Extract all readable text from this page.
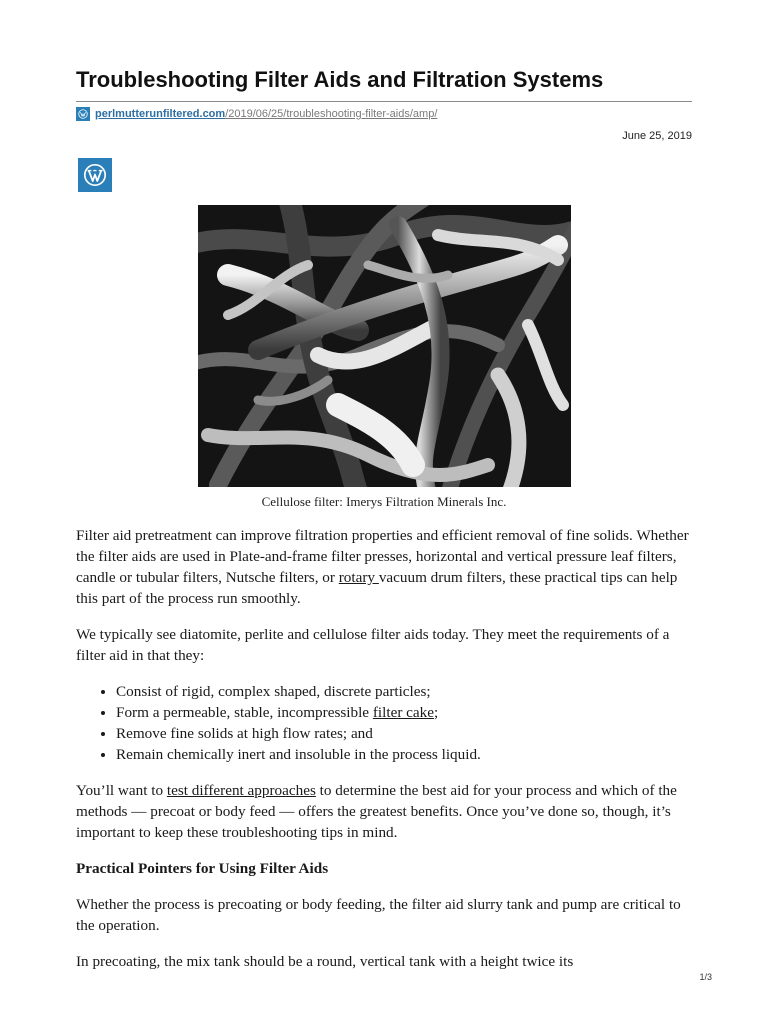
Troubleshooting Filter Aids and Filtration Systems
perlmutterunfiltered.com /2019/06/25/troubleshooting-filter-aids/amp/
June 25, 2019
Cellulose filter: Imerys Filtration Minerals Inc.

Filter aid pretreatment can improve filtration properties and efficient removal of fine solids. Whether the filter aids are used in Plate-and-frame filter presses, horizontal and vertical pressure leaf filters, candle or tubular filters, Nutsche filters, or rotary vacuum drum filters, these practical tips can help this part of the process run smoothly.

We typically see diatomite, perlite and cellulose filter aids today. They meet the requirements of a filter aid in that they:

• Consist of rigid, complex shaped, discrete particles;
• Form a permeable, stable, incompressible filter cake;
• Remove fine solids at high flow rates; and
• Remain chemically inert and insoluble in the process liquid.

You’ll want to test different approaches to determine the best aid for your process and which of the methods — precoat or body feed — offers the greatest benefits. Once you’ve done so, though, it’s important to keep these troubleshooting tips in mind.

Practical Pointers for Using Filter Aids

Whether the process is precoating or body feeding, the filter aid slurry tank and pump are critical to the operation.

In precoating, the mix tank should be a round, vertical tank with a height twice its

1/3
